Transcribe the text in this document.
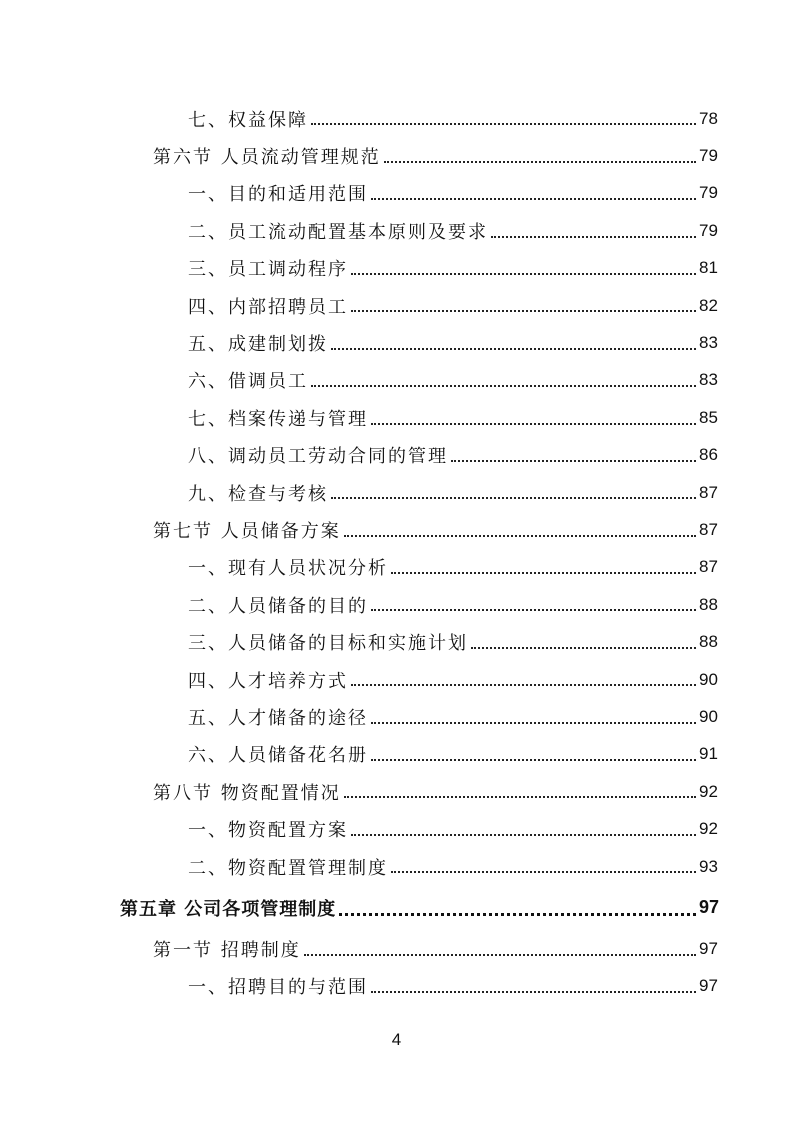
七、权益保障	78
第六节 人员流动管理规范	79
一、目的和适用范围	79
二、员工流动配置基本原则及要求	79
三、员工调动程序	81
四、内部招聘员工	82
五、成建制划拨	83
六、借调员工	83
七、档案传递与管理	85
八、调动员工劳动合同的管理	86
九、检查与考核	87
第七节 人员储备方案	87
一、现有人员状况分析	87
二、人员储备的目的	88
三、人员储备的目标和实施计划	88
四、人才培养方式	90
五、人才储备的途径	90
六、人员储备花名册	91
第八节 物资配置情况	92
一、物资配置方案	92
二、物资配置管理制度	93
第五章 公司各项管理制度	97
第一节 招聘制度	97
一、招聘目的与范围	97
4
